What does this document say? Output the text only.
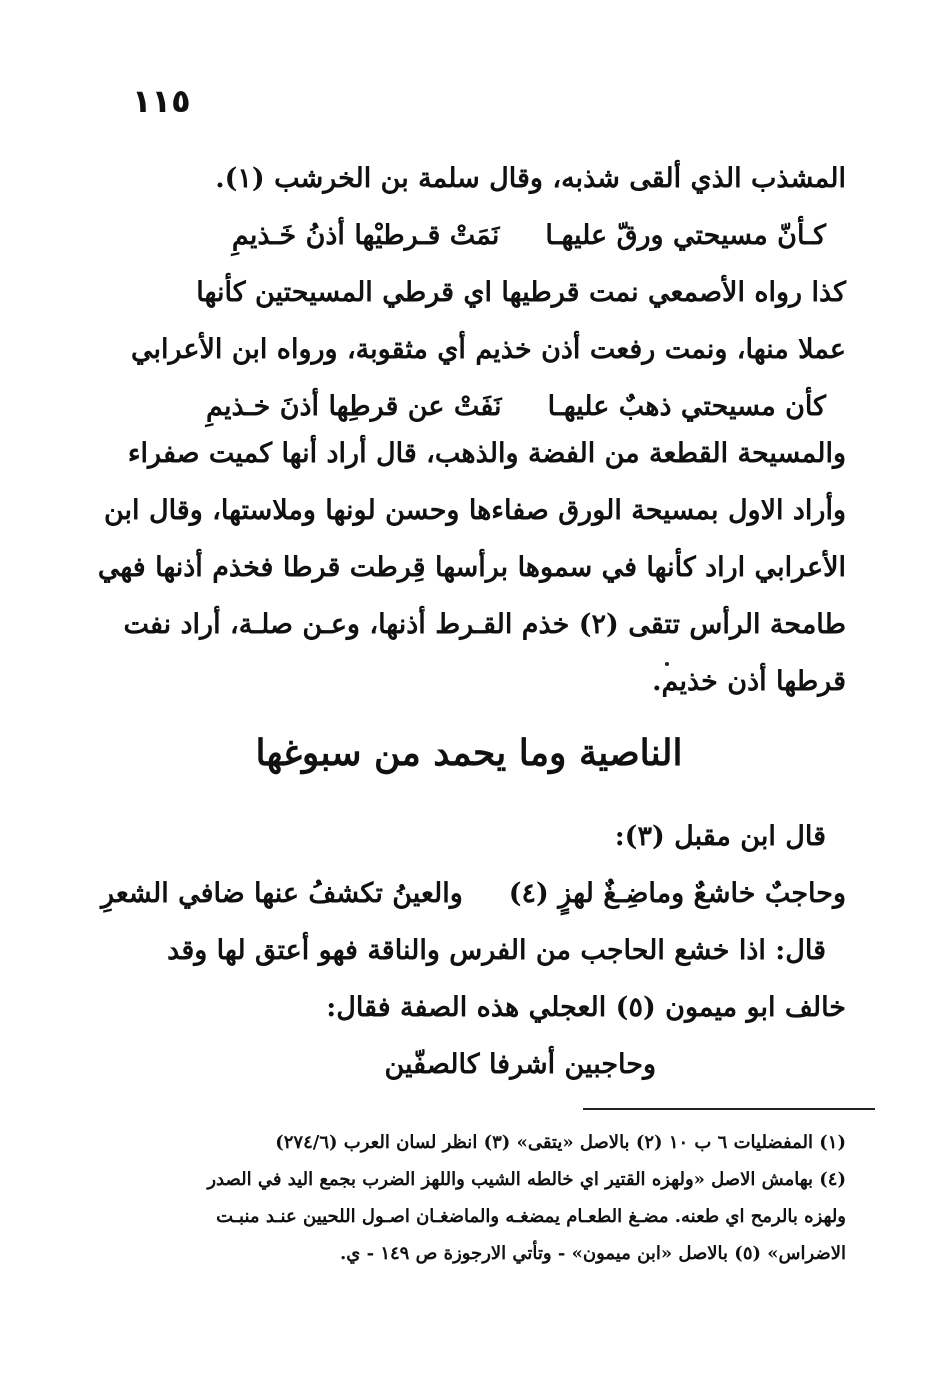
١١٥
المشذب الذي ألقى شذبه، وقال سلمة بن الخرشب (١).
كـأنّ مسيحتي ورقّ عليهـا
نَمَتْ قـرطيْها أذنُ خَـذيمِ
كذا رواه الأصمعي نمت قرطيها اي قرطي المسيحتين كأنها
عملا منها، ونمت رفعت أذن خذيم أي مثقوبة، ورواه ابن الأعرابي
كأن مسيحتي ذهبٌ عليهـا
نَفَتْ عن قرطِها أذنَ خـذيمِ
والمسيحة القطعة من الفضة والذهب، قال أراد أنها كميت صفراء
وأراد الاول بمسيحة الورق صفاءها وحسن لونها وملاستها، وقال ابن
الأعرابي اراد كأنها في سموها برأسها قِرطت قرطا فخذم أذنها فهي
طامحة الرأس تتقى (٢) خذم القـرط أذنها، وعـن صلـة، أراد نفت
قرطها أذن خذيم.
الناصية وما يحمد من سبوغها
قال ابن مقبل (٣):
وحاجبٌ خاشعٌ وماضِـغٌ لهزٍ (٤)
والعينُ تكشفُ عنها ضافي الشعرِ
قال: اذا خشع الحاجب من الفرس والناقة فهو أعتق لها وقد
خالف ابو ميمون (٥) العجلي هذه الصفة فقال:
وحاجبين أشرفا كالصفّين
(١) المفضليات ٦ ب ١٠ (٢) بالاصل «يتقى» (٣) انظر لسان العرب (٢٧٤/٦)
(٤) بهامش الاصل «ولهزه القتير اي خالطه الشيب واللهز الضرب بجمع اليد في الصدر
ولهزه بالرمح اي طعنه. مضـغ الطعـام يمضغـه والماضغـان اصـول اللحيين عنـد منبـت
الاضراس» (٥) بالاصل «ابن ميمون» - وتأتي الارجوزة ص ١٤٩ - ي.
